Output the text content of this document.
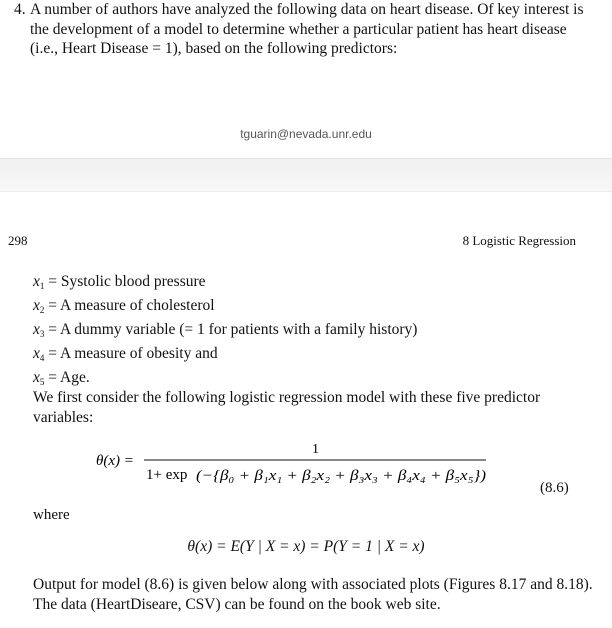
4. A number of authors have analyzed the following data on heart disease. Of key interest is the development of a model to determine whether a particular patient has heart disease (i.e., Heart Disease = 1), based on the following predictors:
tguarin@nevada.unr.edu
298	8 Logistic Regression
$x_1$ = Systolic blood pressure
$x_2 = A$ measure of cholesterol
$x_3 = A$ dummy variable (= 1 for patients with a family history)
$x_4 = A$ measure of obesity and
$x_5$ = Age.
We first consider the following logistic regression model with these five predictor variables:
θ(x) =
1
1+ exp (−{β₀ + β₁x₁ + β₂x₂ + β₃x₃ + β₄x₄ + β₅x₅})
(8.6)
where
θ(x) = E(Y | X = x) = P(Y = 1 | X = x)
Output for model (8.6) is given below along with associated plots (Figures 8.17 and 8.18). The data (HeartDiseare, CSV) can be found on the book web site.
